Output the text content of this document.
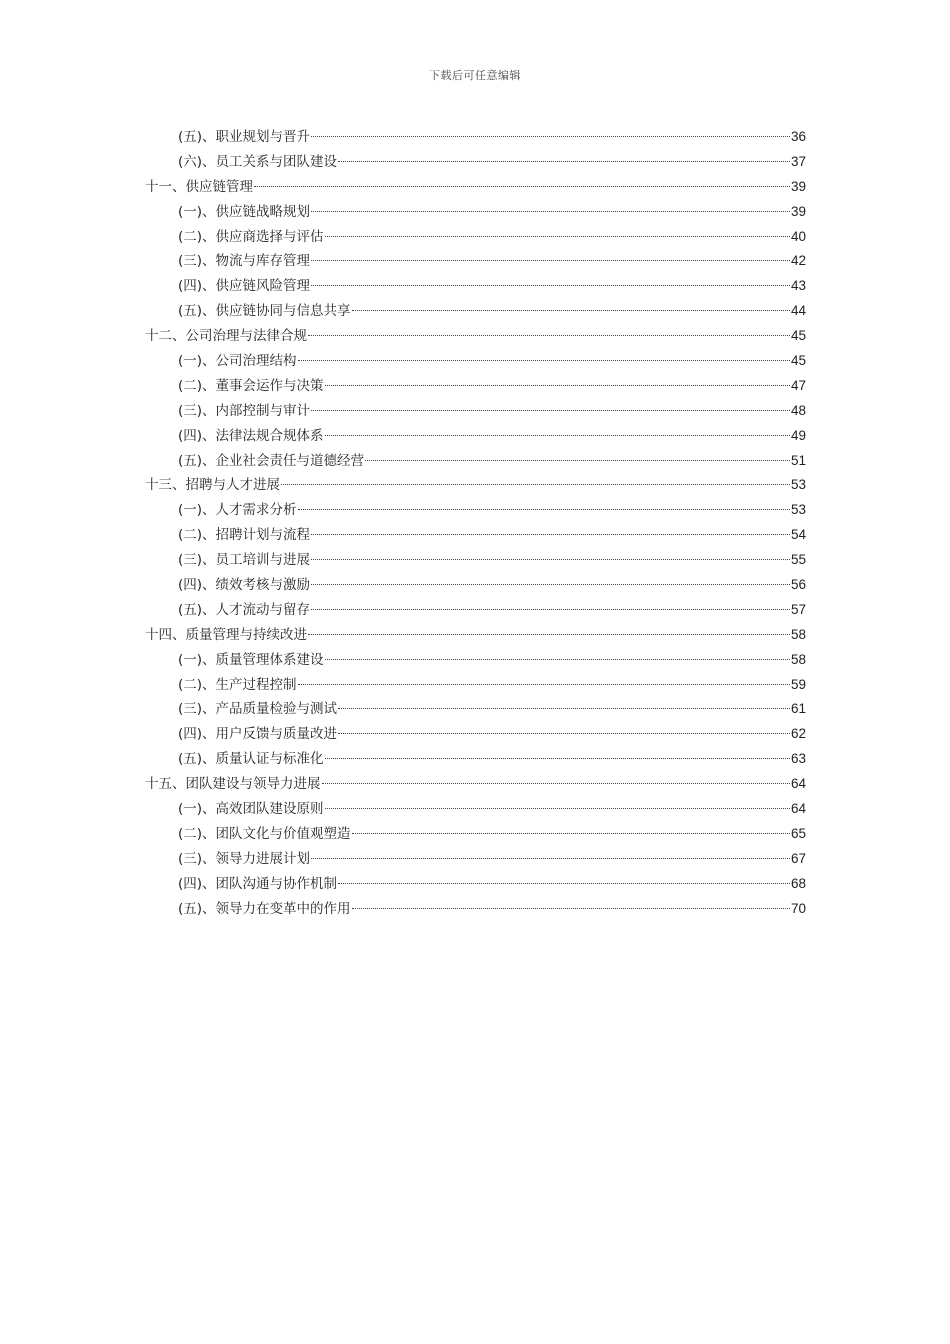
下载后可任意编辑
(五)、职业规划与晋升	36
(六)、员工关系与团队建设	37
十一、供应链管理	39
(一)、供应链战略规划	39
(二)、供应商选择与评估	40
(三)、物流与库存管理	42
(四)、供应链风险管理	43
(五)、供应链协同与信息共享	44
十二、公司治理与法律合规	45
(一)、公司治理结构	45
(二)、董事会运作与决策	47
(三)、内部控制与审计	48
(四)、法律法规合规体系	49
(五)、企业社会责任与道德经营	51
十三、招聘与人才进展	53
(一)、人才需求分析	53
(二)、招聘计划与流程	54
(三)、员工培训与进展	55
(四)、绩效考核与激励	56
(五)、人才流动与留存	57
十四、质量管理与持续改进	58
(一)、质量管理体系建设	58
(二)、生产过程控制	59
(三)、产品质量检验与测试	61
(四)、用户反馈与质量改进	62
(五)、质量认证与标准化	63
十五、团队建设与领导力进展	64
(一)、高效团队建设原则	64
(二)、团队文化与价值观塑造	65
(三)、领导力进展计划	67
(四)、团队沟通与协作机制	68
(五)、领导力在变革中的作用	70
